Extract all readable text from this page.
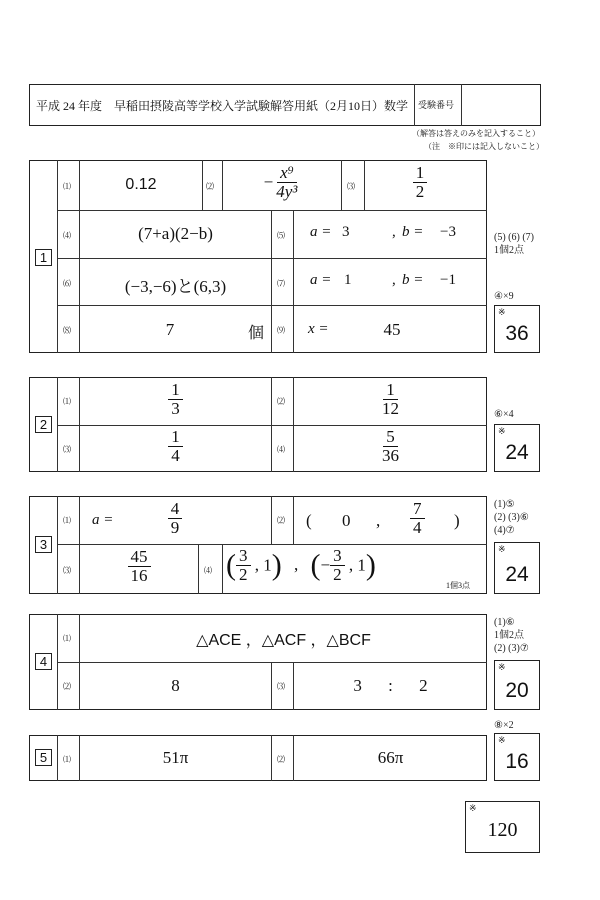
平成 24 年度　早稲田摂陵高等学校入学試験解答用紙（2月10日）数学 受験番号
（解答は答えのみを記入すること）
（注　※印には記入しないこと）
1
⑴	0.12	⑵	− $\frac{\text{x⁹}}{\text{4y³}}$	⑶	$\frac{1}{2}$
⑷	(7+a)(2−b)	⑸ a = 3	, b = −3
⑹	(−3,−6)と(6,3)	⑺ a = 1	, b = −1
⑻	7	個 ⑼ x =	45
(5) (6) (7)
1個2点
④×9
※
36
2
⑴	$\frac{1}{3}$	⑵	$\frac{1}{12}$
⑶	$\frac{1}{4}$	⑷	$\frac{5}{36}$
⑥×4
※
24
3
⑴ a =	$\frac{4}{9}$	⑵ ( 0 , $\frac{7}{4}$ )
⑶	$\frac{45}{16}$	⑷ ( $\frac{3}{2}$ , 1) , (− $\frac{3}{2}$ , 1)
1個3点
(1)⑤
(2) (3)⑥
(4)⑦
※
24
4
⑴	△ACE ，△ACF ，△BCF
⑵	8	⑶	3 : 2
(1)⑥
1個2点
(2) (3)⑦
※
20
5	⑴	51π	⑵	66π
⑧×2
※
16
※
120
